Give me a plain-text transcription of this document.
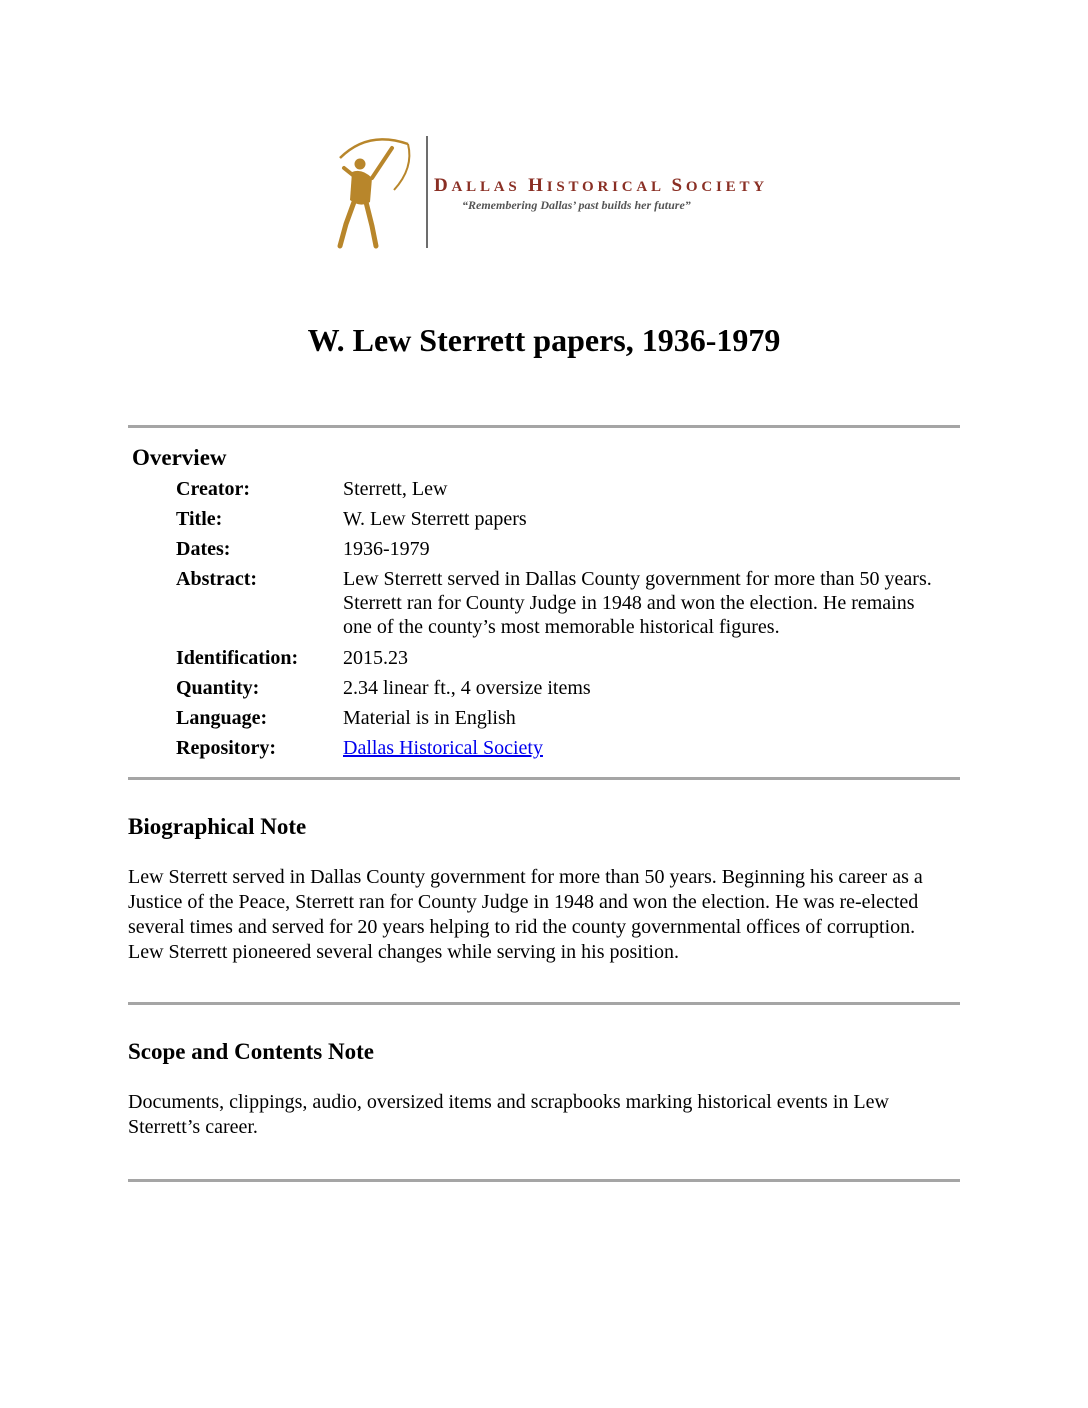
DALLAS HISTORICAL SOCIETY
“Remembering Dallas’ past builds her future”
W. Lew Sterrett papers, 1936-1979
Overview
Creator:	Sterrett, Lew
Title:	W. Lew Sterrett papers
Dates:	1936-1979
Abstract:	Lew Sterrett served in Dallas County government for more than 50 years. Sterrett ran for County Judge in 1948 and won the election. He remains one of the county’s most memorable historical figures.
Identification: 2015.23
Quantity:	2.34 linear ft., 4 oversize items
Language:	Material is in English
Repository:	Dallas Historical Society
Biographical Note

Lew Sterrett served in Dallas County government for more than 50 years. Beginning his career as a Justice of the Peace, Sterrett ran for County Judge in 1948 and won the election. He was re-elected several times and served for 20 years helping to rid the county governmental offices of corruption. Lew Sterrett pioneered several changes while serving in his position.

Scope and Contents Note

Documents, clippings, audio, oversized items and scrapbooks marking historical events in Lew Sterrett’s career.
